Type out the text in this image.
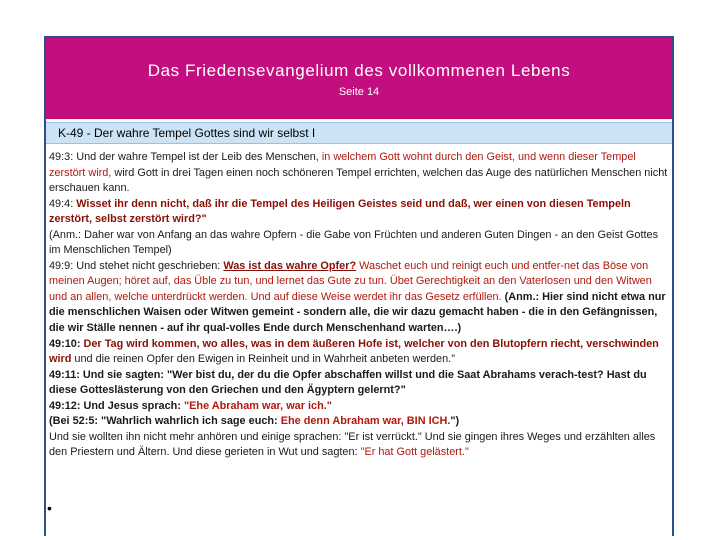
Das Friedensevangelium des vollkommenen Lebens
Seite 14
K-49 - Der wahre Tempel Gottes sind wir selbst I

49:3: Und der wahre Tempel ist der Leib des Menschen, in welchem Gott wohnt durch den Geist, und wenn dieser Tempel zerstört wird, wird Gott in drei Tagen einen noch schöneren Tempel errichten, welchen das Auge des natürlichen Menschen nicht erschauen kann.

49:4: Wisset ihr denn nicht, daß ihr die Tempel des Heiligen Geistes seid und daß, wer einen von diesen Tempeln zerstört, selbst zerstört wird?"

(Anm.: Daher war von Anfang an das wahre Opfern - die Gabe von Früchten und anderen Guten Dingen - an den Geist Gottes im Menschlichen Tempel)

49:9: Und stehet nicht geschrieben: Was ist das wahre Opfer? Waschet euch und reinigt euch und entfer-net das Böse von meinen Augen; höret auf, das Üble zu tun, und lernet das Gute zu tun. Übet Gerechtigkeit an den Vaterlosen und den Witwen und an allen, welche unterdrückt werden. Und auf diese Weise werdet ihr das Gesetz erfüllen. (Anm.: Hier sind nicht etwa nur die menschlichen Waisen oder Witwen gemeint - sondern alle, die wir dazu gemacht haben - die in den Gefängnissen, die wir Ställe nennen - auf ihr qual-volles Ende durch Menschenhand warten….)

49:10: Der Tag wird kommen, wo alles, was in dem äußeren Hofe ist, welcher von den Blutopfern riecht, verschwinden wird und die reinen Opfer den Ewigen in Reinheit und in Wahrheit anbeten werden."

49:11: Und sie sagten: "Wer bist du, der du die Opfer abschaffen willst und die Saat Abrahams verach-test? Hast du diese Gotteslästerung von den Griechen und den Ägyptern gelernt?"

49:12: Und Jesus sprach: "Ehe Abraham war, war ich."

(Bei 52:5: "Wahrlich wahrlich ich sage euch: Ehe denn Abraham war, BIN ICH.")

Und sie wollten ihn nicht mehr anhören und einige sprachen: "Er ist verrückt." Und sie gingen ihres Weges und erzählten alles den Priestern und Ältern. Und diese gerieten in Wut und sagten: "Er hat Gott gelästert."

•
